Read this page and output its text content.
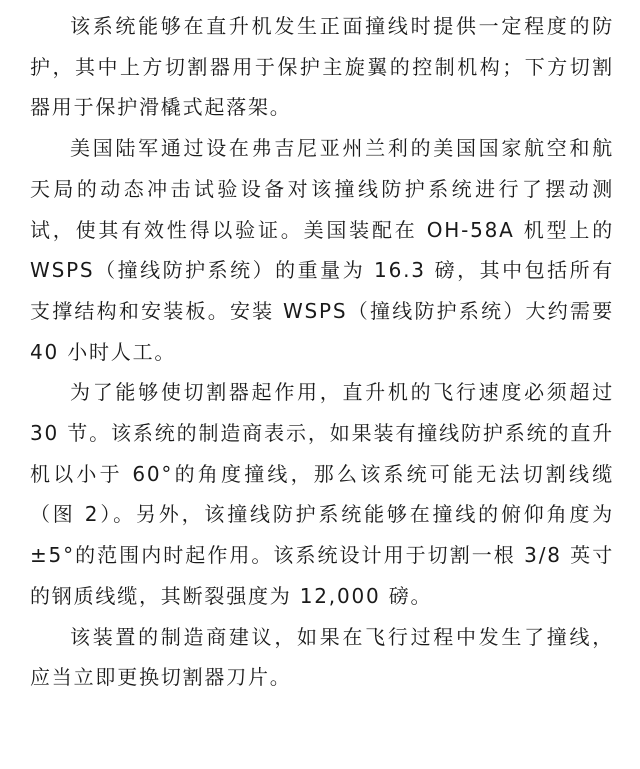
该系统能够在直升机发生正面撞线时提供一定程度的防护，其中上方切割器用于保护主旋翼的控制机构；下方切割器用于保护滑橇式起落架。

美国陆军通过设在弗吉尼亚州兰利的美国国家航空和航天局的动态冲击试验设备对该撞线防护系统进行了摆动测试，使其有效性得以验证。美国装配在 OH-58A 机型上的 WSPS（撞线防护系统）的重量为 16.3 磅，其中包括所有支撑结构和安装板。安装 WSPS（撞线防护系统）大约需要 40 小时人工。

为了能够使切割器起作用，直升机的飞行速度必须超过 30 节。该系统的制造商表示，如果装有撞线防护系统的直升机以小于 60°的角度撞线，那么该系统可能无法切割线缆（图 2）。另外，该撞线防护系统能够在撞线的俯仰角度为 ±5°的范围内时起作用。该系统设计用于切割一根 3/8 英寸的钢质线缆，其断裂强度为 12,000 磅。

该装置的制造商建议，如果在飞行过程中发生了撞线，应当立即更换切割器刀片。
